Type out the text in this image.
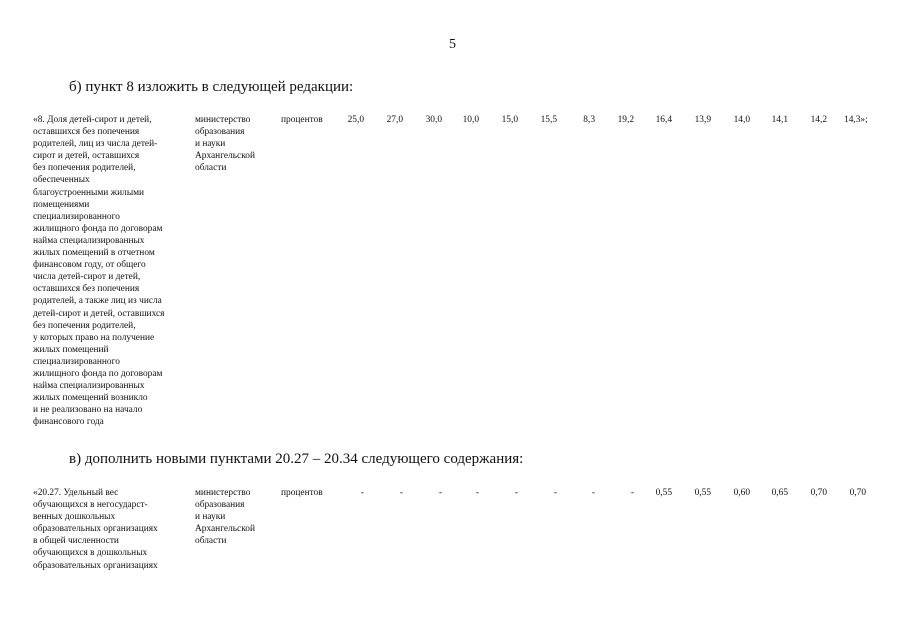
5
б) пункт 8 изложить в следующей редакции:
«8. Доля детей-сирот и детей,
оставшихся без попечения
родителей, лиц из числа детей-
сирот и детей, оставшихся
без попечения родителей,
обеспеченных
благоустроенными жилыми
помещениями
специализированного
жилищного фонда по договорам
найма специализированных
жилых помещений в отчетном
финансовом году, от общего
числа детей-сирот и детей,
оставшихся без попечения
родителей, а также лиц из числа
детей-сирот и детей, оставшихся
без попечения родителей,
у которых право на получение
жилых помещений
специализированного
жилищного фонда по договорам
найма специализированных
жилых помещений возникло
и не реализовано на начало
финансового года
министерство
образования
и науки
Архангельской
области
процентов	25,0	27,0	30,0	10,0	15,0	15,5	8,3	19,2	16,4	13,9	14,0	14,1	14,2 14,3»;
в) дополнить новыми пунктами 20.27 – 20.34 следующего содержания:
«20.27. Удельный вес
обучающихся в негосударст-
венных дошкольных
образовательных организациях
в общей численности
обучающихся в дошкольных
образовательных организациях
министерство
образования
и науки
Архангельской
области
процентов	-	-	-	-	-	-	-	-	0,55	0,55	0,60	0,65	0,70	0,70
